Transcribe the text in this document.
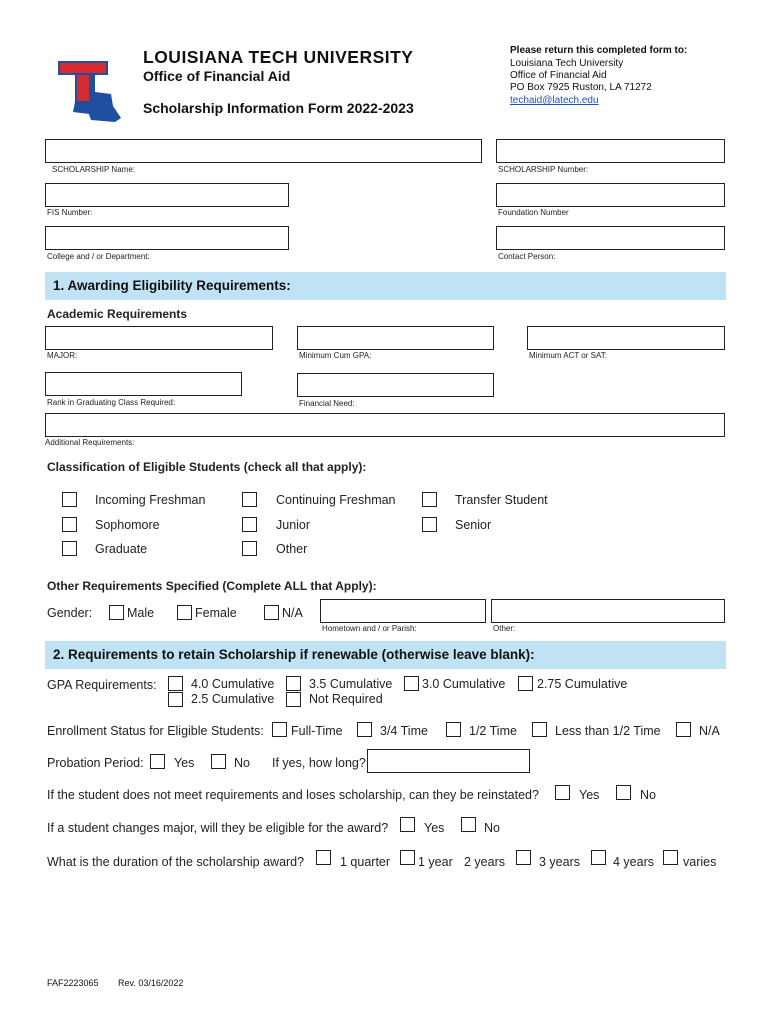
LOUISIANA TECH UNIVERSITY
Office of Financial Aid
Scholarship Information Form 2022-2023
Please return this completed form to:
Louisiana Tech University
Office of Financial Aid
PO Box 7925 Ruston, LA 71272
techaid@latech.edu
SCHOLARSHIP Name:	SCHOLARSHIP Number:
FIS Number:	Foundation Number
College and / or Department:	Contact Person:
1. Awarding Eligibility Requirements:
Academic Requirements
MAJOR:	Minimum Cum GPA:	Minimum ACT or SAT:
Rank in Graduating Class Required:	Financial Need:
Additional Requirements:
Classification of Eligible Students (check all that apply):
Incoming Freshman	Continuing Freshman	Transfer Student
Sophomore	Junior	Senior
Graduate	Other
Other Requirements Specified (Complete ALL that Apply):
Gender:	Male	Female	N/A
Hometown and / or Parish:	Other:
2. Requirements to retain Scholarship if renewable (otherwise leave blank):
GPA Requirements:	4.0 Cumulative	3.5 Cumulative 3.0 Cumulative	2.75 Cumulative
2.5 Cumulative	Not Required
Enrollment Status for Eligible Students: Full-Time	3/4 Time	1/2 Time	Less than 1/2 Time	N/A
Probation Period: Yes	No If yes, how long?
If the student does not meet requirements and loses scholarship, can they be reinstated?	Yes	No
If a student changes major, will they be eligible for the award?	Yes	No
What is the duration of the scholarship award?	1 quarter 1 year 2 years	3 years	4 years varies
FAF2223065 Rev. 03/16/2022
